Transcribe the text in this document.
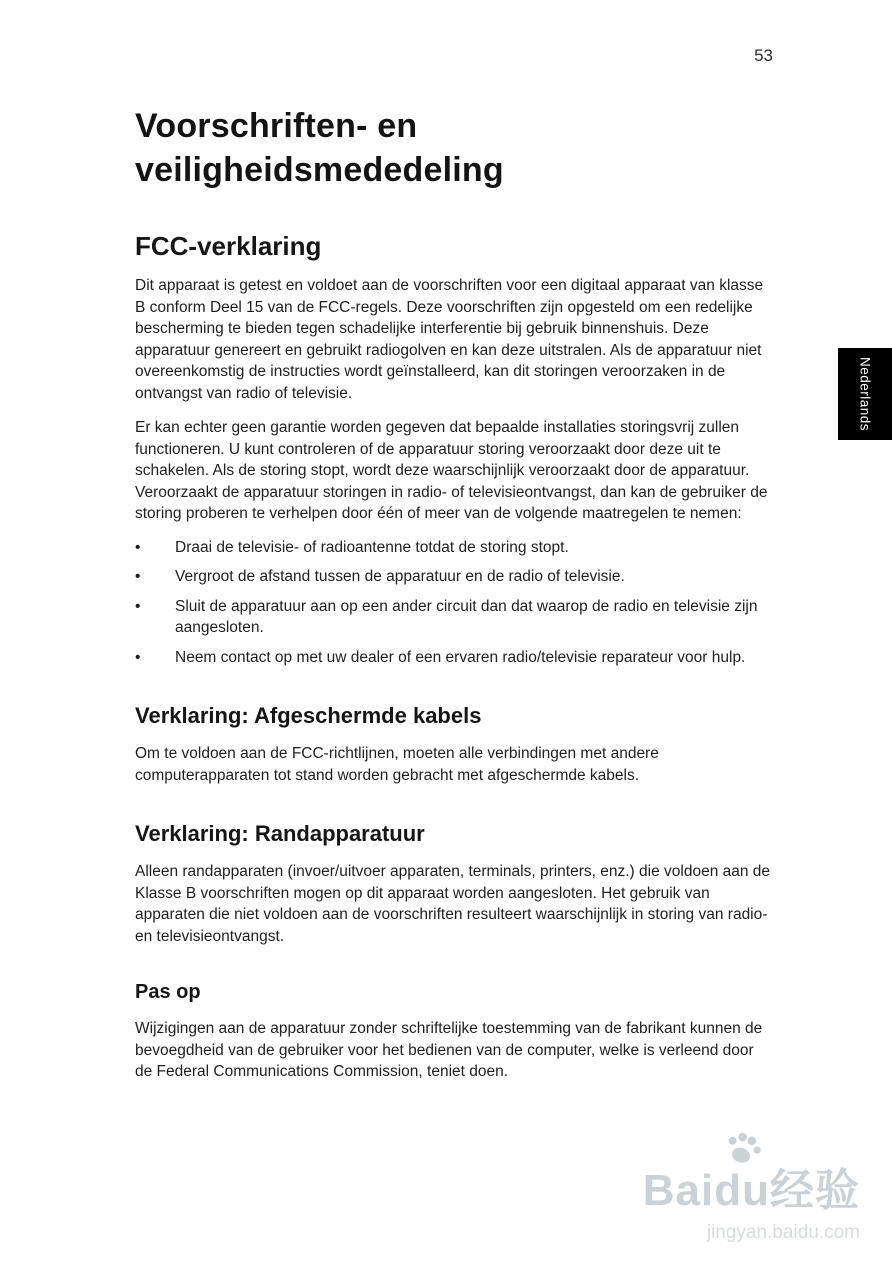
53
Voorschriften- en
veiligheidsmededeling
FCC-verklaring

Dit apparaat is getest en voldoet aan de voorschriften voor een digitaal apparaat van klasse B conform Deel 15 van de FCC-regels. Deze voorschriften zijn opgesteld om een redelijke bescherming te bieden tegen schadelijke interferentie bij gebruik binnenshuis. Deze apparatuur genereert en gebruikt radiogolven en kan deze uitstralen. Als de apparatuur niet overeenkomstig de instructies wordt geïnstalleerd, kan dit storingen veroorzaken in de ontvangst van radio of televisie.

Er kan echter geen garantie worden gegeven dat bepaalde installaties storingsvrij zullen functioneren. U kunt controleren of de apparatuur storing veroorzaakt door deze uit te schakelen. Als de storing stopt, wordt deze waarschijnlijk veroorzaakt door de apparatuur. Veroorzaakt de apparatuur storingen in radio- of televisieontvangst, dan kan de gebruiker de storing proberen te verhelpen door één of meer van de volgende maatregelen te nemen:

•	Draai de televisie- of radioantenne totdat de storing stopt.
•	Vergroot de afstand tussen de apparatuur en de radio of televisie.
•	Sluit de apparatuur aan op een ander circuit dan dat waarop de radio en televisie zijn aangesloten.
•	Neem contact op met uw dealer of een ervaren radio/televisie reparateur voor hulp.
Verklaring: Afgeschermde kabels

Om te voldoen aan de FCC-richtlijnen, moeten alle verbindingen met andere computerapparaten tot stand worden gebracht met afgeschermde kabels.

Verklaring: Randapparatuur

Alleen randapparaten (invoer/uitvoer apparaten, terminals, printers, enz.) die voldoen aan de Klasse B voorschriften mogen op dit apparaat worden aangesloten. Het gebruik van apparaten die niet voldoen aan de voorschriften resulteert waarschijnlijk in storing van radio- en televisieontvangst.

Pas op

Wijzigingen aan de apparatuur zonder schriftelijke toestemming van de fabrikant kunnen de bevoegdheid van de gebruiker voor het bedienen van de computer, welke is verleend door de Federal Communications Commission, teniet doen.

Nederlands
Baidu经验
jingyan.baidu.com
